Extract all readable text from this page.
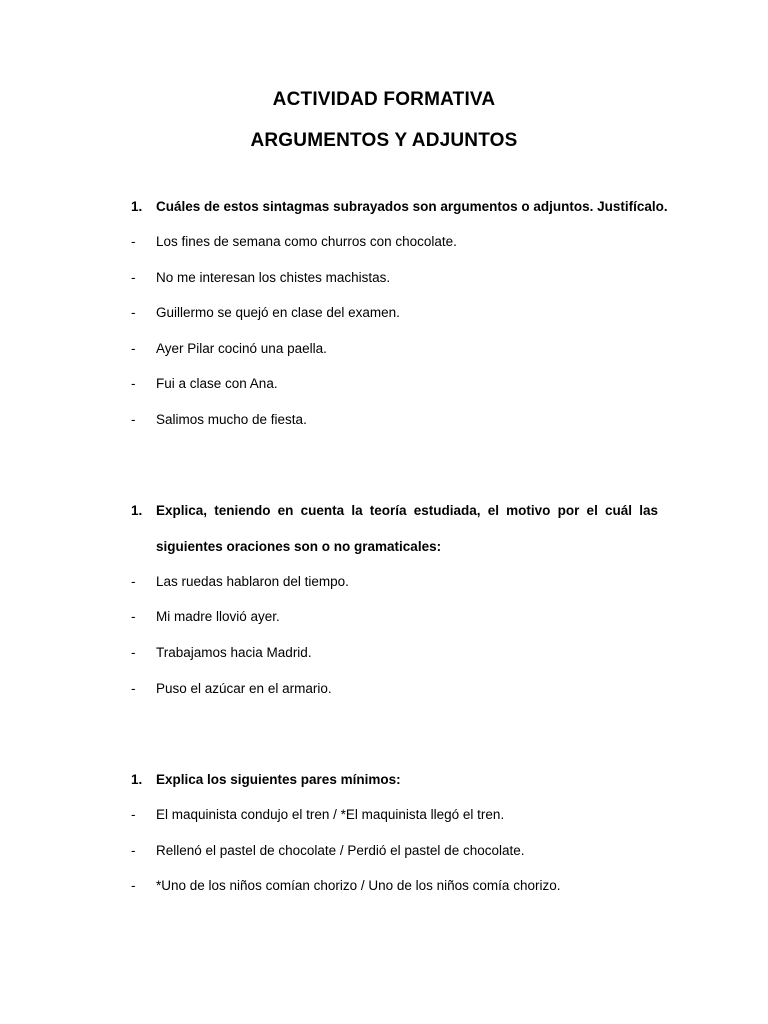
ACTIVIDAD FORMATIVA
ARGUMENTOS Y ADJUNTOS
1.	Cuáles de estos sintagmas subrayados son argumentos o adjuntos. Justifícalo.
-	Los fines de semana como churros con chocolate.
-	No me interesan los chistes machistas.
-	Guillermo se quejó en clase del examen.
-	Ayer Pilar cocinó una paella.
-	Fui a clase con Ana.
-	Salimos mucho de fiesta.
1.	Explica, teniendo en cuenta la teoría estudiada, el motivo por el cuál las
siguientes oraciones son o no gramaticales:
-	Las ruedas hablaron del tiempo.
-	Mi madre llovió ayer.
-	Trabajamos hacia Madrid.
-	Puso el azúcar en el armario.
1.	Explica los siguientes pares mínimos:
-	El maquinista condujo el tren / *El maquinista llegó el tren.
-	Rellenó el pastel de chocolate / Perdió el pastel de chocolate.
-	*Uno de los niños comían chorizo / Uno de los niños comía chorizo.
